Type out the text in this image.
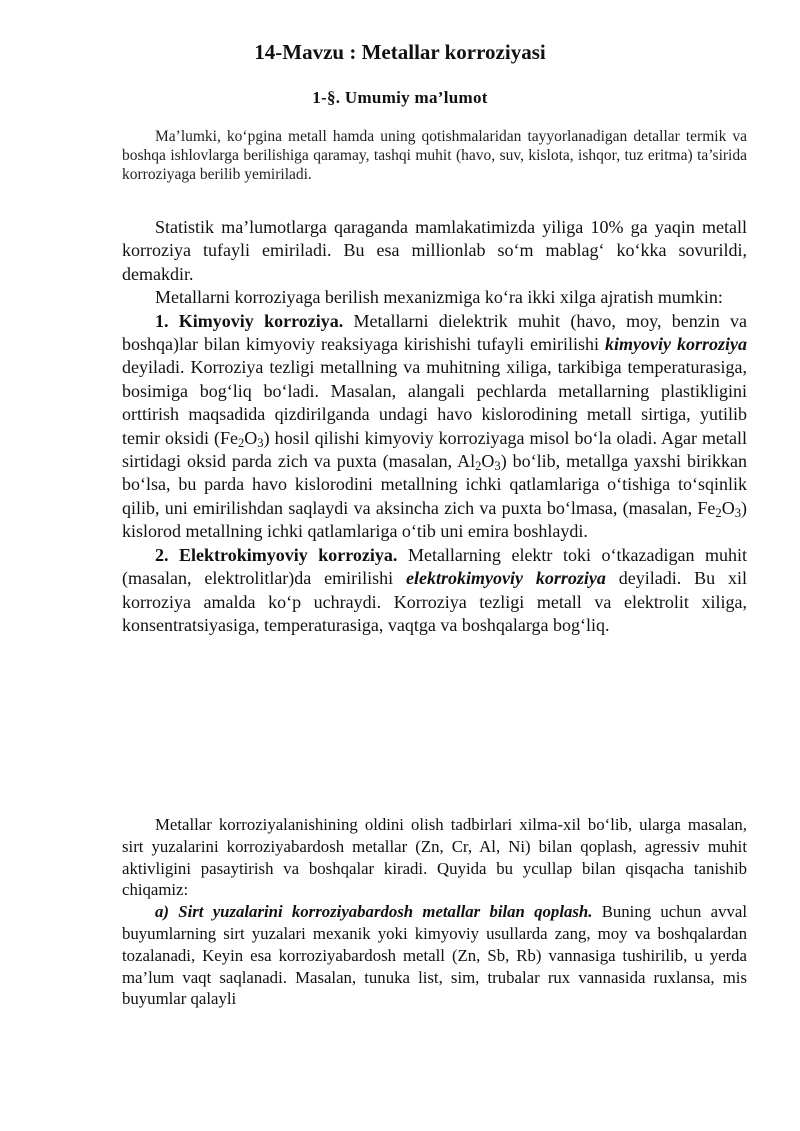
14-Mavzu : Metallar korroziyasi
1-§. Umumiy ma’lumot

Ma’lumki, ko‘pgina metall hamda uning qotishmalaridan tayyorlanadigan detallar termik va boshqa ishlovlarga berilishiga qaramay, tashqi muhit (havo, suv, kislota, ishqor, tuz eritma) ta’sirida korroziyaga berilib yemiriladi.

Statistik ma’lumotlarga qaraganda mamlakatimizda yiliga 10% ga yaqin metall korroziya tufayli emiriladi. Bu esa millionlab so‘m mablag‘ ko‘kka sovurildi, demakdir.

Metallarni korroziyaga berilish mexanizmiga ko‘ra ikki xilga ajratish mumkin:

1. Kimyoviy korroziya. Metallarni dielektrik muhit (havo, moy, benzin va boshqa)lar bilan kimyoviy reaksiyaga kirishishi tufayli emirilishi kimyoviy korroziya deyiladi. Korroziya tezligi metallning va muhitning xiliga, tarkibiga temperaturasiga, bosimiga bog‘liq bo‘ladi. Masalan, alangali pechlarda metallarning plastikligini orttirish maqsadida qizdirilganda undagi havo kislorodining metall sirtiga, yutilib temir oksidi $(Fe_2O_3)$ hosil qilishi kimyoviy korroziyaga misol bo‘la oladi. Agar metall sirtidagi oksid parda zich va puxta (masalan, $Al_2O_3$) bo‘lib, metallga yaxshi birikkan bo‘lsa, bu parda havo kislorodini metallning ichki qatlamlariga o‘tishiga to‘sqinlik qilib, uni emirilishdan saqlaydi va aksincha zich va puxta bo‘lmasa, (masalan, $Fe_2O_3$) kislorod metallning ichki qatlamlariga o‘tib uni emira boshlaydi.

2. Elektrokimyoviy korroziya. Metallarning elektr toki o‘tkazadigan muhit (masalan, elektrolitlar)da emirilishi elektrokimyoviy korroziya deyiladi. Bu xil korroziya amalda ko‘p uchraydi. Korroziya tezligi metall va elektrolit xiliga, konsentratsiyasiga, temperaturasiga, vaqtga va boshqalarga bog‘liq.

Metallar korroziyalanishining oldini olish tadbirlari xilma-xil bo‘lib, ularga masalan, sirt yuzalarini korroziyabardosh metallar (Zn, Cr, Al, Ni) bilan qoplash, agressiv muhit aktivligini pasaytirish va boshqalar kiradi. Quyida bu ycullap bilan qisqacha tanishib chiqamiz:

a) Sirt yuzalarini korroziyabardosh metallar bilan qoplash. Buning uchun avval buyumlarning sirt yuzalari mexanik yoki kimyoviy usullarda zang, moy va boshqalardan tozalanadi, Keyin esa korroziyabardosh metall (Zn, Sb, Rb) vannasiga tushirilib, u yerda ma’lum vaqt saqlanadi. Masalan, tunuka list, sim, trubalar rux vannasida ruxlansa, mis buyumlar qalayli
